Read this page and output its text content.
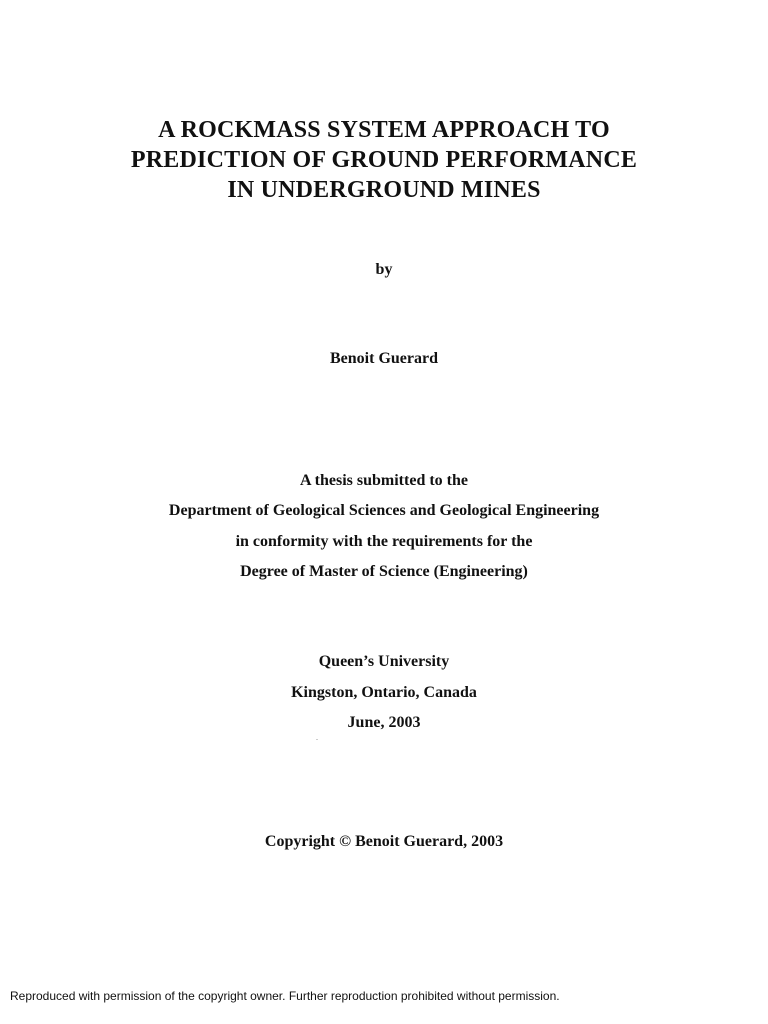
A ROCKMASS SYSTEM APPROACH TO
PREDICTION OF GROUND PERFORMANCE
IN UNDERGROUND MINES
by
Benoit Guerard
A thesis submitted to the
Department of Geological Sciences and Geological Engineering
in conformity with the requirements for the
Degree of Master of Science (Engineering)
Queen’s University
Kingston, Ontario, Canada
June, 2003
Copyright © Benoit Guerard, 2003
Reproduced with permission of the copyright owner. Further reproduction prohibited without permission.
